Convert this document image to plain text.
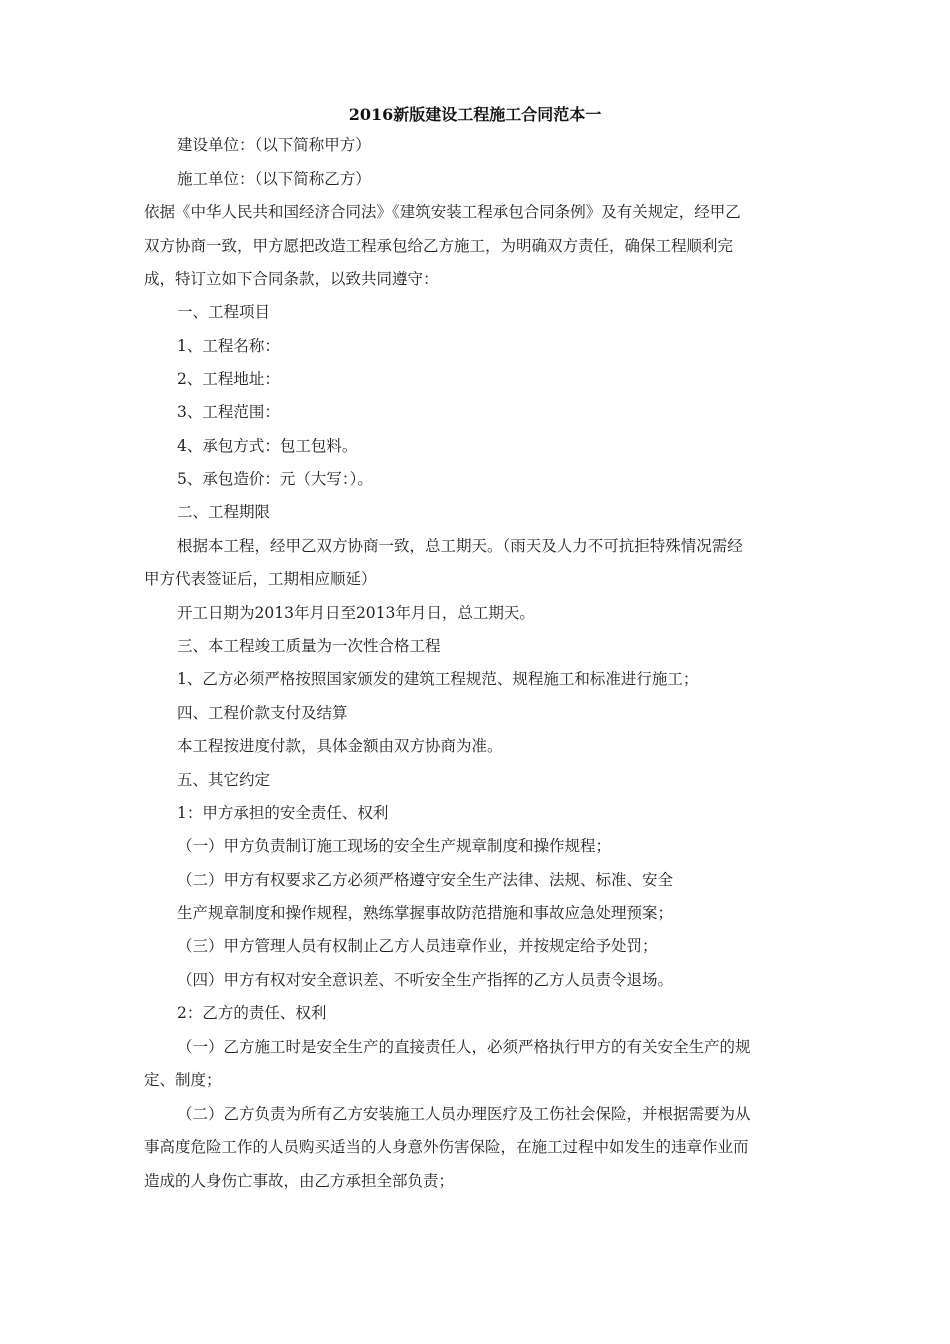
2016新版建设工程施工合同范本一
建设单位：（以下简称甲方）
施工单位：（以下简称乙方）
依据《中华人民共和国经济合同法》《建筑安装工程承包合同条例》及有关规定，经甲乙
双方协商一致，甲方愿把改造工程承包给乙方施工，为明确双方责任，确保工程顺利完
成，特订立如下合同条款，以致共同遵守：
一、工程项目
1、工程名称：
2、工程地址：
3、工程范围：
4、承包方式：包工包料。
5、承包造价：元（大写：）。
二、工程期限
根据本工程，经甲乙双方协商一致，总工期天。（雨天及人力不可抗拒特殊情况需经
甲方代表签证后，工期相应顺延）
开工日期为2013年月日至2013年月日，总工期天。
三、本工程竣工质量为一次性合格工程
1、乙方必须严格按照国家颁发的建筑工程规范、规程施工和标准进行施工；
四、工程价款支付及结算
本工程按进度付款，具体金额由双方协商为准。
五、其它约定
1：甲方承担的安全责任、权利
（一）甲方负责制订施工现场的安全生产规章制度和操作规程；
（二）甲方有权要求乙方必须严格遵守安全生产法律、法规、标准、安全
生产规章制度和操作规程，熟练掌握事故防范措施和事故应急处理预案；
（三）甲方管理人员有权制止乙方人员违章作业，并按规定给予处罚；
（四）甲方有权对安全意识差、不听安全生产指挥的乙方人员责令退场。
2：乙方的责任、权利
（一）乙方施工时是安全生产的直接责任人，必须严格执行甲方的有关安全生产的规
定、制度；
（二）乙方负责为所有乙方安装施工人员办理医疗及工伤社会保险，并根据需要为从
事高度危险工作的人员购买适当的人身意外伤害保险，在施工过程中如发生的违章作业而
造成的人身伤亡事故，由乙方承担全部负责；
